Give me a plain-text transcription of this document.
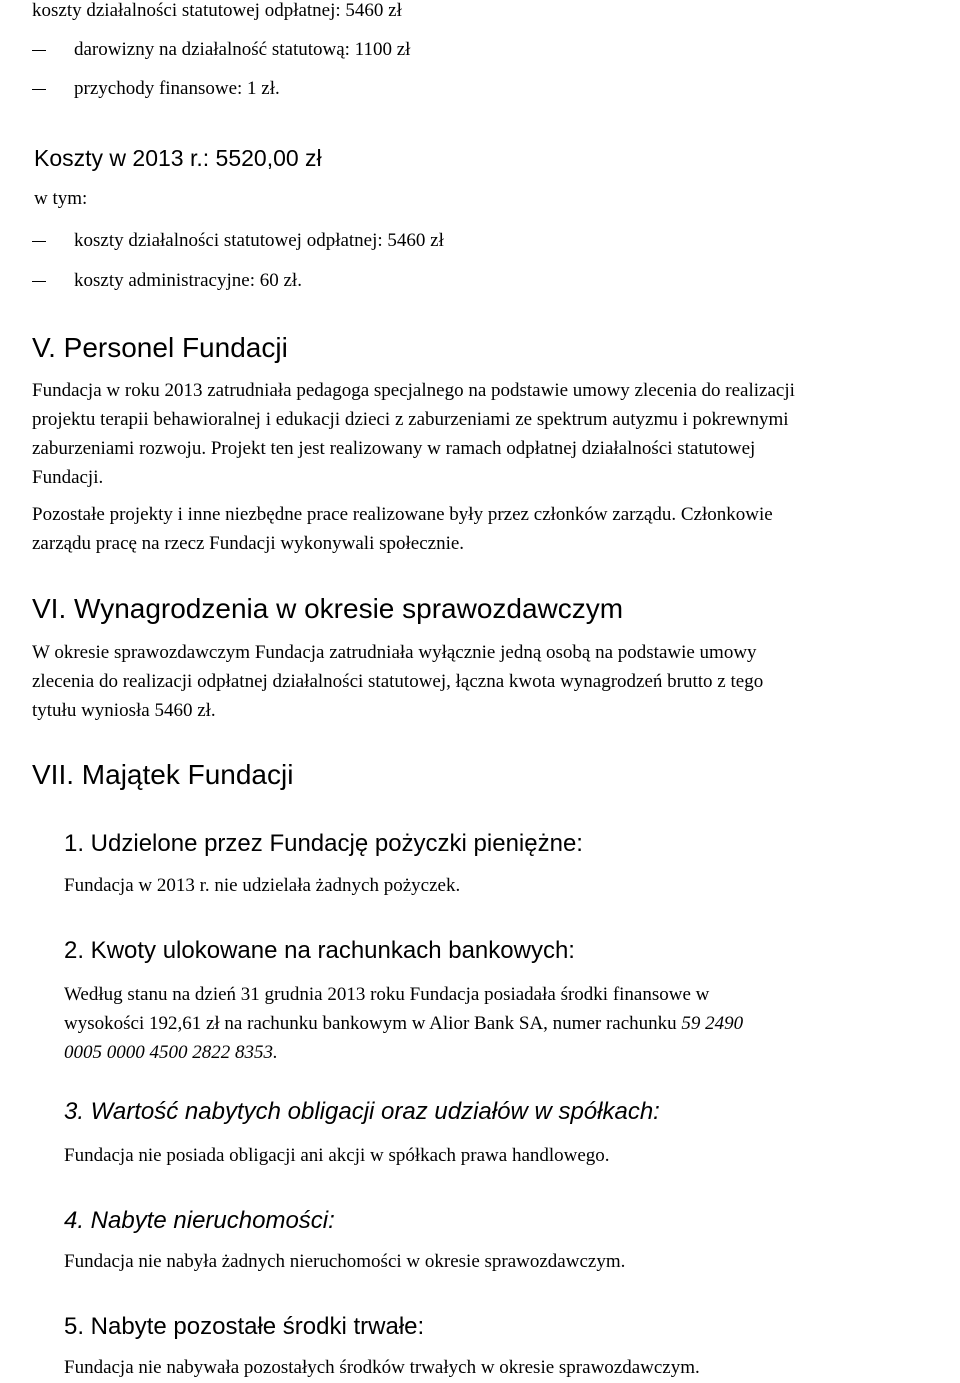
koszty działalności statutowej odpłatnej: 5460 zł
darowizny na działalność statutową: 1100 zł
przychody finansowe: 1 zł.
Koszty w 2013 r.: 5520,00 zł
w tym:
koszty działalności statutowej odpłatnej: 5460 zł
koszty administracyjne: 60 zł.
V. Personel Fundacji
Fundacja w roku 2013 zatrudniała pedagoga specjalnego na podstawie umowy zlecenia do realizacji
projektu terapii behawioralnej i edukacji dzieci z zaburzeniami ze spektrum autyzmu i pokrewnymi
zaburzeniami rozwoju. Projekt ten jest realizowany w ramach odpłatnej działalności statutowej
Fundacji.
Pozostałe projekty i inne niezbędne prace realizowane były przez członków zarządu. Członkowie
zarządu pracę na rzecz Fundacji wykonywali społecznie.
VI. Wynagrodzenia w okresie sprawozdawczym
W okresie sprawozdawczym Fundacja zatrudniała wyłącznie jedną osobą na podstawie umowy
zlecenia do realizacji odpłatnej działalności statutowej, łączna kwota wynagrodzeń brutto z tego
tytułu wyniosła 5460 zł.
VII. Majątek Fundacji
1. Udzielone przez Fundację pożyczki pieniężne:
Fundacja w 2013 r. nie udzielała żadnych pożyczek.
2. Kwoty ulokowane na rachunkach bankowych:
Według stanu na dzień 31 grudnia 2013 roku Fundacja posiadała środki finansowe w
wysokości 192,61 zł na rachunku bankowym w Alior Bank SA, numer rachunku 59 2490
0005 0000 4500 2822 8353.
3. Wartość nabytych obligacji oraz udziałów w spółkach:
Fundacja nie posiada obligacji ani akcji w spółkach prawa handlowego.
4. Nabyte nieruchomości:
Fundacja nie nabyła żadnych nieruchomości w okresie sprawozdawczym.
5. Nabyte pozostałe środki trwałe:
Fundacja nie nabywała pozostałych środków trwałych w okresie sprawozdawczym.
